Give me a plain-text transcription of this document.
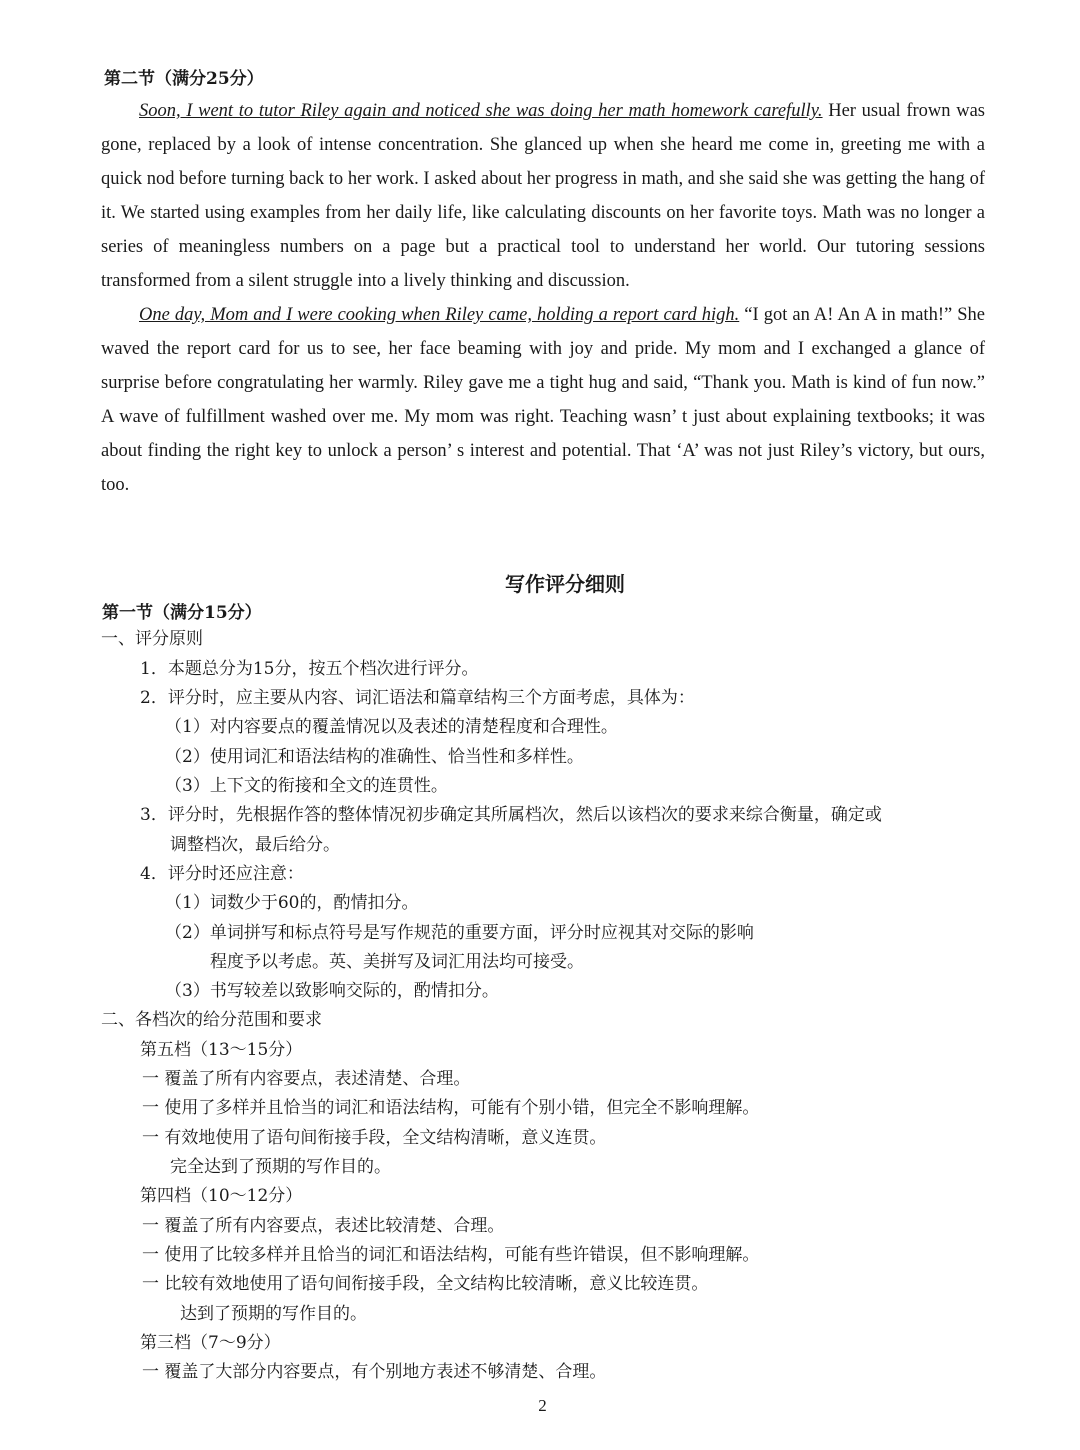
第二节（满分25分）
Soon, I went to tutor Riley again and noticed she was doing her math homework carefully. Her usual frown was gone, replaced by a look of intense concentration. She glanced up when she heard me come in, greeting me with a quick nod before turning back to her work. I asked about her progress in math, and she said she was getting the hang of it. We started using examples from her daily life, like calculating discounts on her favorite toys. Math was no longer a series of meaningless numbers on a page but a practical tool to understand her world. Our tutoring sessions transformed from a silent struggle into a lively thinking and discussion.
One day, Mom and I were cooking when Riley came, holding a report card high. “I got an A! An A in math!” She waved the report card for us to see, her face beaming with joy and pride. My mom and I exchanged a glance of surprise before congratulating her warmly. Riley gave me a tight hug and said, “Thank you. Math is kind of fun now.” A wave of fulfillment washed over me. My mom was right. Teaching wasn’ t just about explaining textbooks; it was about finding the right key to unlock a person’ s interest and potential. That ‘A’ was not just Riley’s victory, but ours, too.
写作评分细则
第一节（满分15分）
一、评分原则
1．本题总分为15分，按五个档次进行评分。
2．评分时，应主要从内容、词汇语法和篇章结构三个方面考虑，具体为：
（1）对内容要点的覆盖情况以及表述的清楚程度和合理性。
（2）使用词汇和语法结构的准确性、恰当性和多样性。
（3）上下文的衔接和全文的连贯性。
3．评分时，先根据作答的整体情况初步确定其所属档次，然后以该档次的要求来综合衡量，确定或
调整档次，最后给分。
4．评分时还应注意：
（1）词数少于60的，酌情扣分。
（2）单词拼写和标点符号是写作规范的重要方面，评分时应视其对交际的影响
程度予以考虑。英、美拼写及词汇用法均可接受。
（3）书写较差以致影响交际的，酌情扣分。
二、各档次的给分范围和要求
第五档（13～15分）
一 覆盖了所有内容要点，表述清楚、合理。
一 使用了多样并且恰当的词汇和语法结构，可能有个别小错，但完全不影响理解。
一 有效地使用了语句间衔接手段，全文结构清晰，意义连贯。
完全达到了预期的写作目的。
第四档（10～12分）
一 覆盖了所有内容要点，表述比较清楚、合理。
一 使用了比较多样并且恰当的词汇和语法结构，可能有些许错误，但不影响理解。
一 比较有效地使用了语句间衔接手段，全文结构比较清晰，意义比较连贯。
达到了预期的写作目的。
第三档（7～9分）
一 覆盖了大部分内容要点，有个别地方表述不够清楚、合理。
2
